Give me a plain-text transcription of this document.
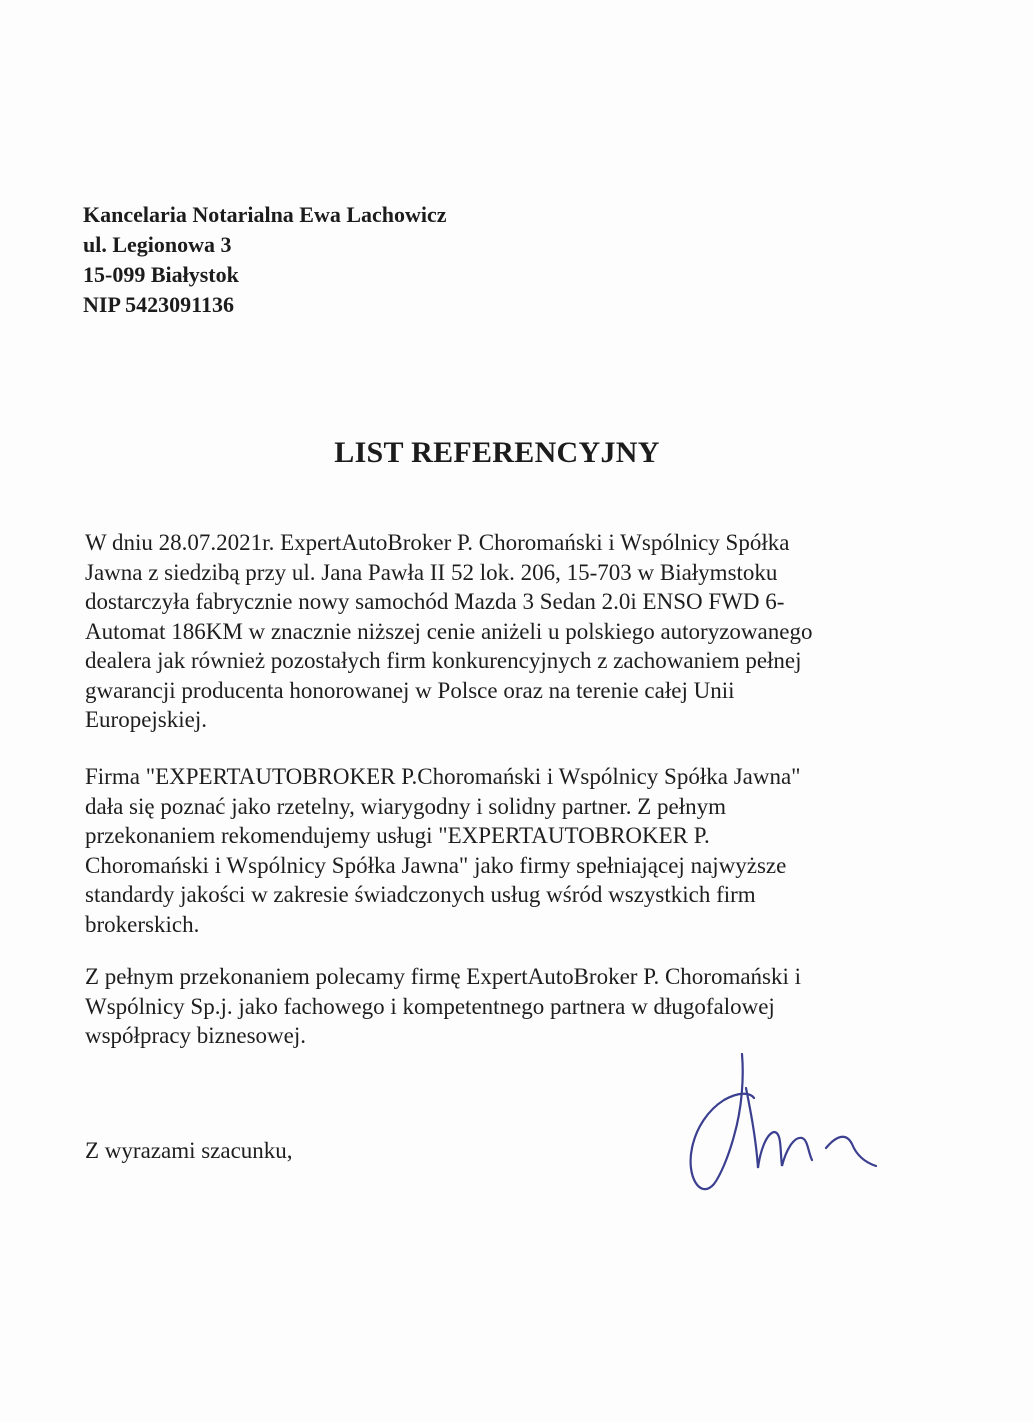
Kancelaria Notarialna Ewa Lachowicz
ul. Legionowa 3
15-099 Białystok
NIP 5423091136
LIST REFERENCYJNY
W dniu 28.07.2021r. ExpertAutoBroker P. Choromański i Wspólnicy Spółka
Jawna z siedzibą przy ul. Jana Pawła II 52 lok. 206, 15-703 w Białymstoku
dostarczyła fabrycznie nowy samochód Mazda 3 Sedan 2.0i ENSO FWD 6-
Automat 186KM w znacznie niższej cenie aniżeli u polskiego autoryzowanego
dealera jak również pozostałych firm konkurencyjnych z zachowaniem pełnej
gwarancji producenta honorowanej w Polsce oraz na terenie całej Unii
Europejskiej.
Firma "EXPERTAUTOBROKER P.Choromański i Wspólnicy Spółka Jawna"
dała się poznać jako rzetelny, wiarygodny i solidny partner. Z pełnym
przekonaniem rekomendujemy usługi "EXPERTAUTOBROKER P.
Choromański i Wspólnicy Spółka Jawna" jako firmy spełniającej najwyższe
standardy jakości w zakresie świadczonych usług wśród wszystkich firm
brokerskich.
Z pełnym przekonaniem polecamy firmę ExpertAutoBroker P. Choromański i
Wspólnicy Sp.j. jako fachowego i kompetentnego partnera w długofalowej
współpracy biznesowej.
Z wyrazami szacunku,
